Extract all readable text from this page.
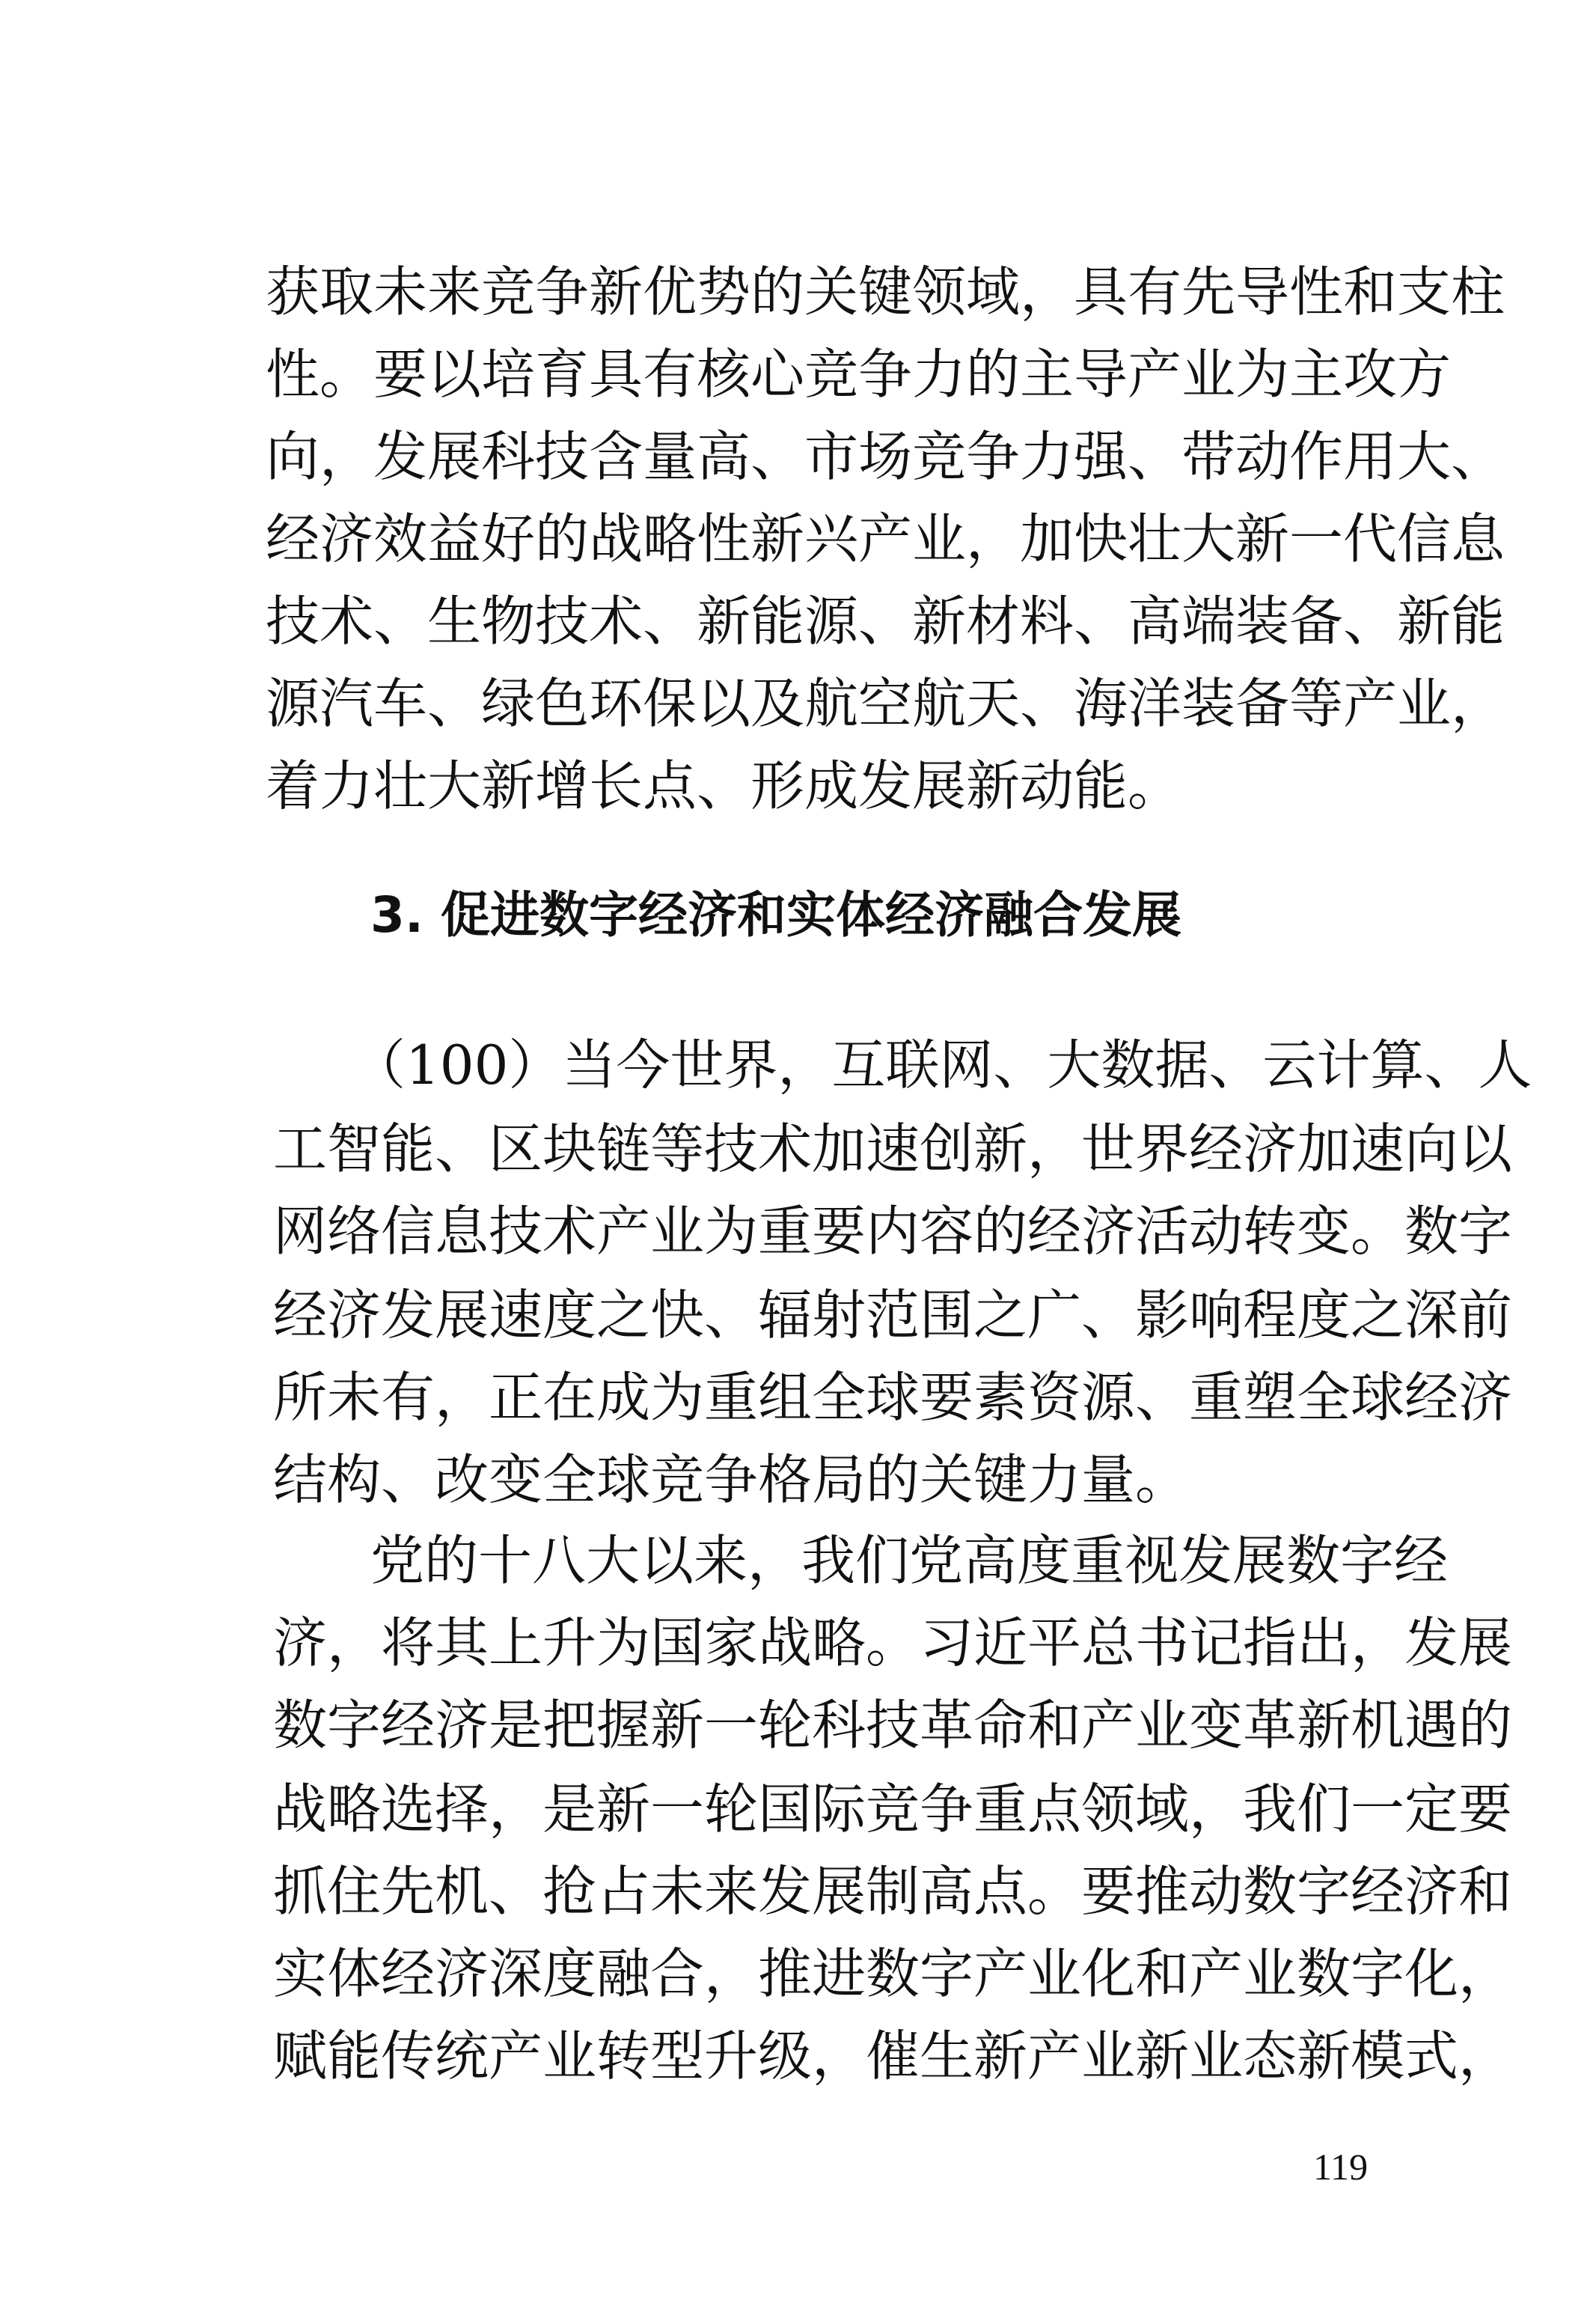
获取未来竞争新优势的关键领域，具有先导性和支柱
性。要以培育具有核心竞争力的主导产业为主攻方
向，发展科技含量高、市场竞争力强、带动作用大、
经济效益好的战略性新兴产业，加快壮大新一代信息
技术、生物技术、新能源、新材料、高端装备、新能
源汽车、绿色环保以及航空航天、海洋装备等产业，
着力壮大新增长点、形成发展新动能。
3. 促进数字经济和实体经济融合发展
（100）当今世界，互联网、大数据、云计算、人
工智能、区块链等技术加速创新，世界经济加速向以
网络信息技术产业为重要内容的经济活动转变。数字
经济发展速度之快、辐射范围之广、影响程度之深前
所未有，正在成为重组全球要素资源、重塑全球经济
结构、改变全球竞争格局的关键力量。
党的十八大以来，我们党高度重视发展数字经
济，将其上升为国家战略。习近平总书记指出，发展
数字经济是把握新一轮科技革命和产业变革新机遇的
战略选择，是新一轮国际竞争重点领域，我们一定要
抓住先机、抢占未来发展制高点。要推动数字经济和
实体经济深度融合，推进数字产业化和产业数字化，
赋能传统产业转型升级，催生新产业新业态新模式，
119
